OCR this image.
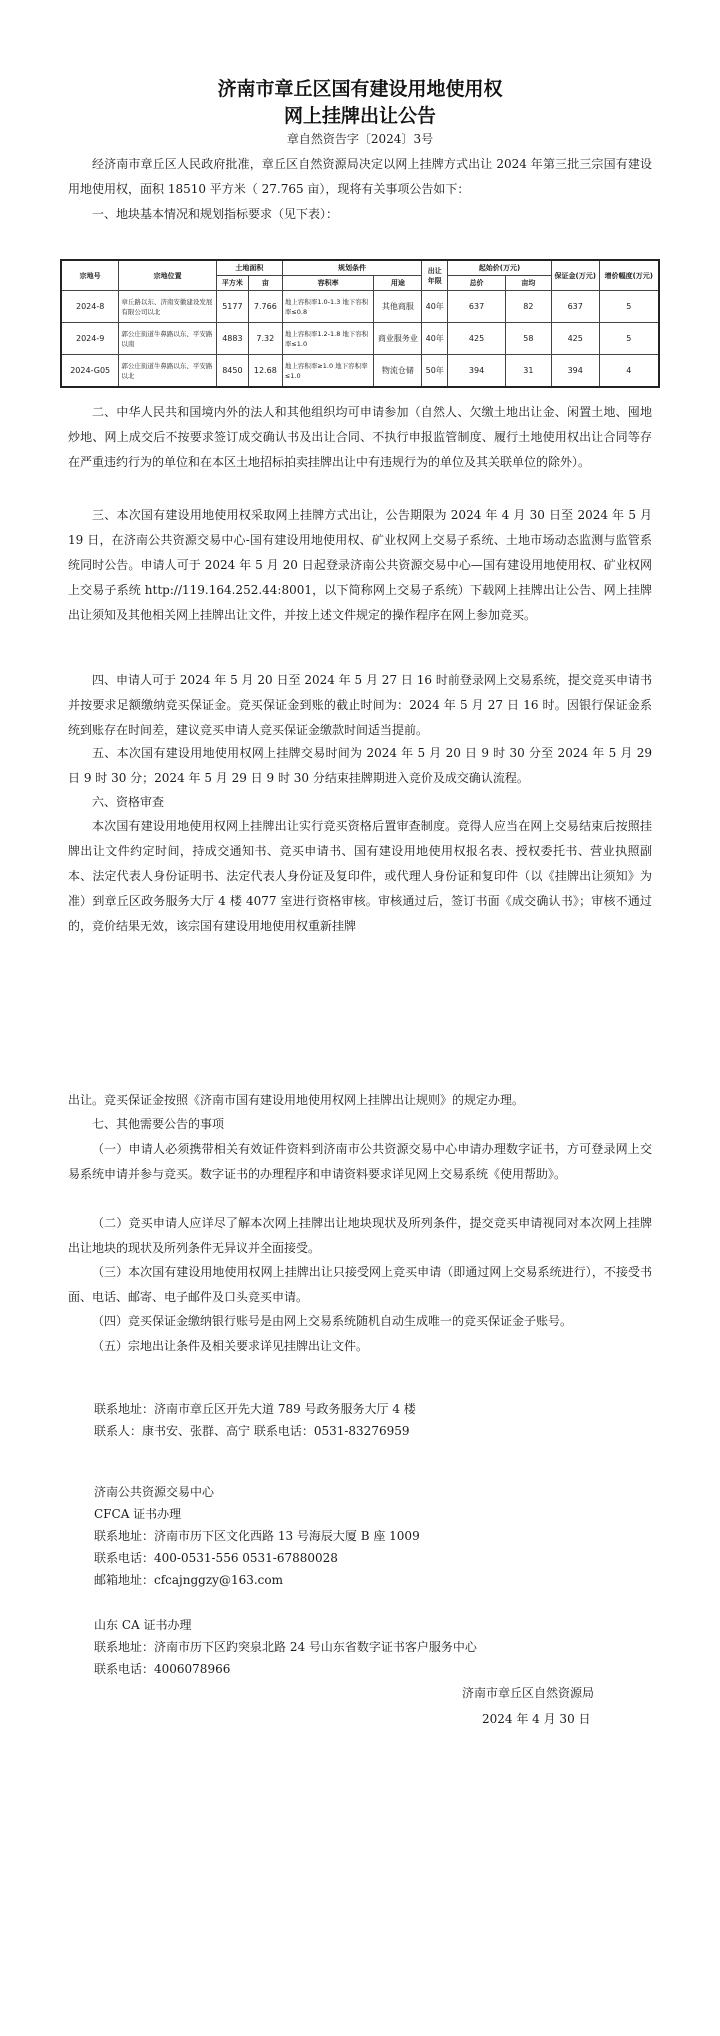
济南市章丘区国有建设用地使用权
网上挂牌出让公告
章自然资告字〔2024〕3号
经济南市章丘区人民政府批准，章丘区自然资源局决定以网上挂牌方式出让 2024 年第三批三宗国有建设用地使用权，面积 18510 平方米（ 27.765 亩），现将有关事项公告如下：
一、地块基本情况和规划指标要求（见下表）：
宗地号	宗地位置	土地面积		规划条件		出让年限	起始价(万元)		保证金(万元)	增价幅度(万元)
		平方米	亩	容积率	用途		总价	亩均		
2024-8	章丘路以东、济南安徽建设发展有限公司以北	5177	7.766	地上容积率1.0-1.3 地下容积率≤0.8	其他商服	40年	637	82	637	5
2024-9	郭公庄街道牛鼻路以东、平安路以南	4883	7.32	地上容积率1.2-1.8 地下容积率≤1.0	商业服务业	40年	425	58	425	5
2024-G05	郭公庄街道牛鼻路以东、平安路以北	8450	12.68	地上容积率≥1.0 地下容积率≤1.0	物流仓储	50年	394	31	394	4
二、中华人民共和国境内外的法人和其他组织均可申请参加（自然人、欠缴土地出让金、闲置土地、囤地炒地、网上成交后不按要求签订成交确认书及出让合同、不执行申报监管制度、履行土地使用权出让合同等存在严重违约行为的单位和在本区土地招标拍卖挂牌出让中有违规行为的单位及其关联单位的除外）。
三、本次国有建设用地使用权采取网上挂牌方式出让，公告期限为 2024 年 4 月 30 日至 2024 年 5 月 19 日，在济南公共资源交易中心-国有建设用地使用权、矿业权网上交易子系统、土地市场动态监测与监管系统同时公告。申请人可于 2024 年 5 月 20 日起登录济南公共资源交易中心—国有建设用地使用权、矿业权网上交易子系统 http://119.164.252.44:8001，以下简称网上交易子系统）下载网上挂牌出让公告、网上挂牌出让须知及其他相关网上挂牌出让文件，并按上述文件规定的操作程序在网上参加竞买。
四、申请人可于 2024 年 5 月 20 日至 2024 年 5 月 27 日 16 时前登录网上交易系统，提交竞买申请书并按要求足额缴纳竞买保证金。竞买保证金到账的截止时间为：2024 年 5 月 27 日 16 时。因银行保证金系统到账存在时间差，建议竞买申请人竞买保证金缴款时间适当提前。
五、本次国有建设用地使用权网上挂牌交易时间为 2024 年 5 月 20 日 9 时 30 分至 2024 年 5 月 29 日 9 时 30 分；2024 年 5 月 29 日 9 时 30 分结束挂牌期进入竞价及成交确认流程。
六、资格审查
本次国有建设用地使用权网上挂牌出让实行竞买资格后置审查制度。竞得人应当在网上交易结束后按照挂牌出让文件约定时间，持成交通知书、竞买申请书、国有建设用地使用权报名表、授权委托书、营业执照副本、法定代表人身份证明书、法定代表人身份证及复印件，或代理人身份证和复印件（以《挂牌出让须知》为准）到章丘区政务服务大厅 4 楼 4077 室进行资格审核。审核通过后，签订书面《成交确认书》；审核不通过的，竞价结果无效，该宗国有建设用地使用权重新挂牌
出让。竞买保证金按照《济南市国有建设用地使用权网上挂牌出让规则》的规定办理。
七、其他需要公告的事项
（一）申请人必须携带相关有效证件资料到济南市公共资源交易中心申请办理数字证书，方可登录网上交易系统申请并参与竞买。数字证书的办理程序和申请资料要求详见网上交易系统《使用帮助》。
（二）竞买申请人应详尽了解本次网上挂牌出让地块现状及所列条件，提交竞买申请视同对本次网上挂牌出让地块的现状及所列条件无异议并全面接受。
（三）本次国有建设用地使用权网上挂牌出让只接受网上竞买申请（即通过网上交易系统进行），不接受书面、电话、邮寄、电子邮件及口头竞买申请。
（四）竞买保证金缴纳银行账号是由网上交易系统随机自动生成唯一的竞买保证金子账号。
（五）宗地出让条件及相关要求详见挂牌出让文件。
联系地址：济南市章丘区开先大道 789 号政务服务大厅 4 楼
联系人：康书安、张群、高宁 联系电话：0531-83276959
济南公共资源交易中心
CFCA 证书办理
联系地址：济南市历下区文化西路 13 号海辰大厦 B 座 1009
联系电话：400-0531-556 0531-67880028
邮箱地址：cfcajnggzy@163.com
山东 CA 证书办理
联系地址：济南市历下区趵突泉北路 24 号山东省数字证书客户服务中心
联系电话：4006078966
济南市章丘区自然资源局
2024 年 4 月 30 日
